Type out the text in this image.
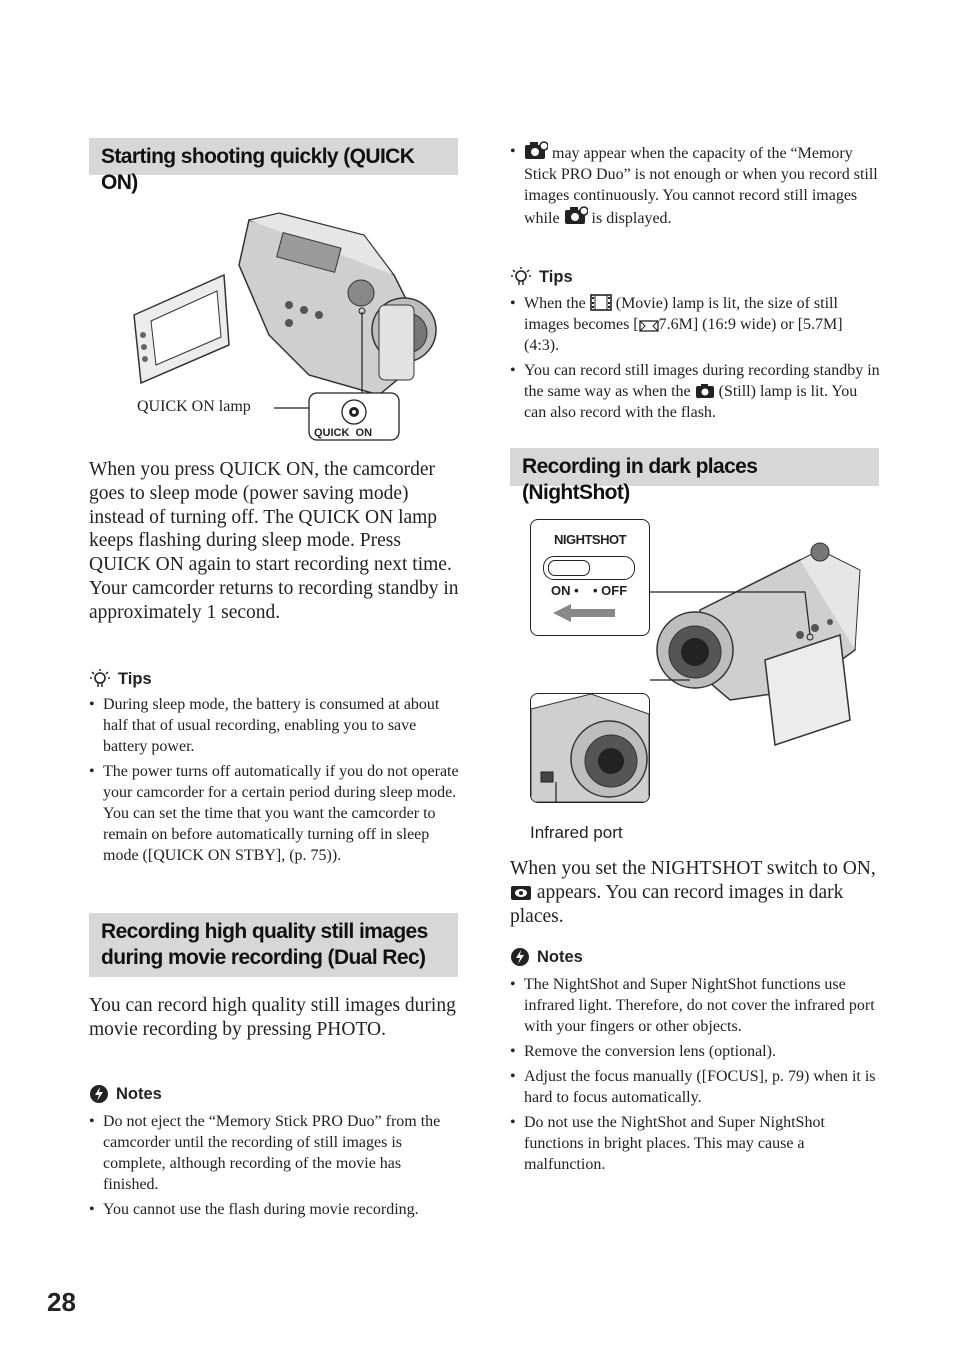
Starting shooting quickly (QUICK ON)
QUICK ON lamp
QUICK  ON

When you press QUICK ON, the camcorder goes to sleep mode (power saving mode) instead of turning off. The QUICK ON lamp keeps flashing during sleep mode. Press QUICK ON again to start recording next time. Your camcorder returns to recording standby in approximately 1 second.

Tips
• During sleep mode, the battery is consumed at about half that of usual recording, enabling you to save battery power.
• The power turns off automatically if you do not operate your camcorder for a certain period during sleep mode. You can set the time that you want the camcorder to remain on before automatically turning off in sleep mode ([QUICK ON STBY], (p. 75)).
Recording high quality still images
during movie recording (Dual Rec)

You can record high quality still images during movie recording by pressing PHOTO.

Notes
• Do not eject the “Memory Stick PRO Duo” from the camcorder until the recording of still images is complete, although recording of the movie has finished.
• You cannot use the flash during movie recording.
• may appear when the capacity of the “Memory Stick PRO Duo” is not enough or when you record still images continuously. You cannot record still images while is displayed.
Tips
• When the (Movie) lamp is lit, the size of still images becomes [ 7.6M] (16:9 wide) or [5.7M] (4:3).
• You can record still images during recording standby in the same way as when the (Still) lamp is lit. You can also record with the flash.
Recording in dark places (NightShot)
NIGHTSHOT
ON • • OFF
Infrared port

When you set the NIGHTSHOT switch to ON,  appears. You can record images in dark places.

Notes
• The NightShot and Super NightShot functions use infrared light. Therefore, do not cover the infrared port with your fingers or other objects.
• Remove the conversion lens (optional).
• Adjust the focus manually ([FOCUS], p. 79) when it is hard to focus automatically.
• Do not use the NightShot and Super NightShot functions in bright places. This may cause a malfunction.
28
